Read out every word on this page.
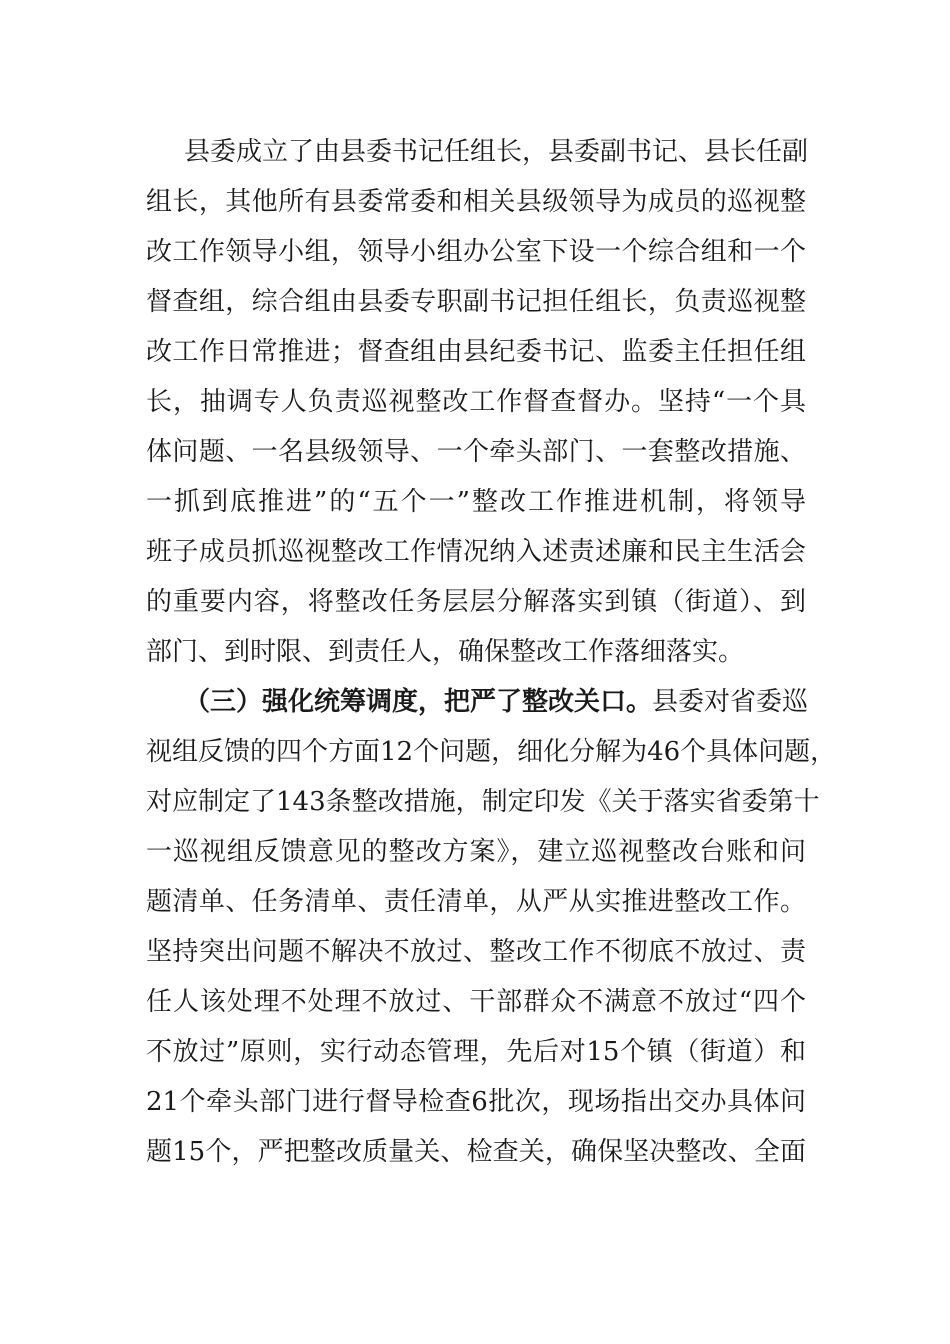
县委成立了由县委书记任组长，县委副书记、县长任副
组长，其他所有县委常委和相关县级领导为成员的巡视整
改工作领导小组，领导小组办公室下设一个综合组和一个
督查组，综合组由县委专职副书记担任组长，负责巡视整
改工作日常推进；督查组由县纪委书记、监委主任担任组
长，抽调专人负责巡视整改工作督查督办。坚持“一个具
体问题、一名县级领导、一个牵头部门、一套整改措施、
一抓到底推进”的“五个一”整改工作推进机制，将领导
班子成员抓巡视整改工作情况纳入述责述廉和民主生活会
的重要内容，将整改任务层层分解落实到镇（街道）、到
部门、到时限、到责任人，确保整改工作落细落实。
（三）强化统筹调度，把严了整改关口。县委对省委巡
视组反馈的四个方面12个问题，细化分解为46个具体问题，
对应制定了143条整改措施，制定印发《关于落实省委第十
一巡视组反馈意见的整改方案》，建立巡视整改台账和问
题清单、任务清单、责任清单，从严从实推进整改工作。
坚持突出问题不解决不放过、整改工作不彻底不放过、责
任人该处理不处理不放过、干部群众不满意不放过“四个
不放过”原则，实行动态管理，先后对15个镇（街道）和
21个牵头部门进行督导检查6批次，现场指出交办具体问
题15个，严把整改质量关、检查关，确保坚决整改、全面
